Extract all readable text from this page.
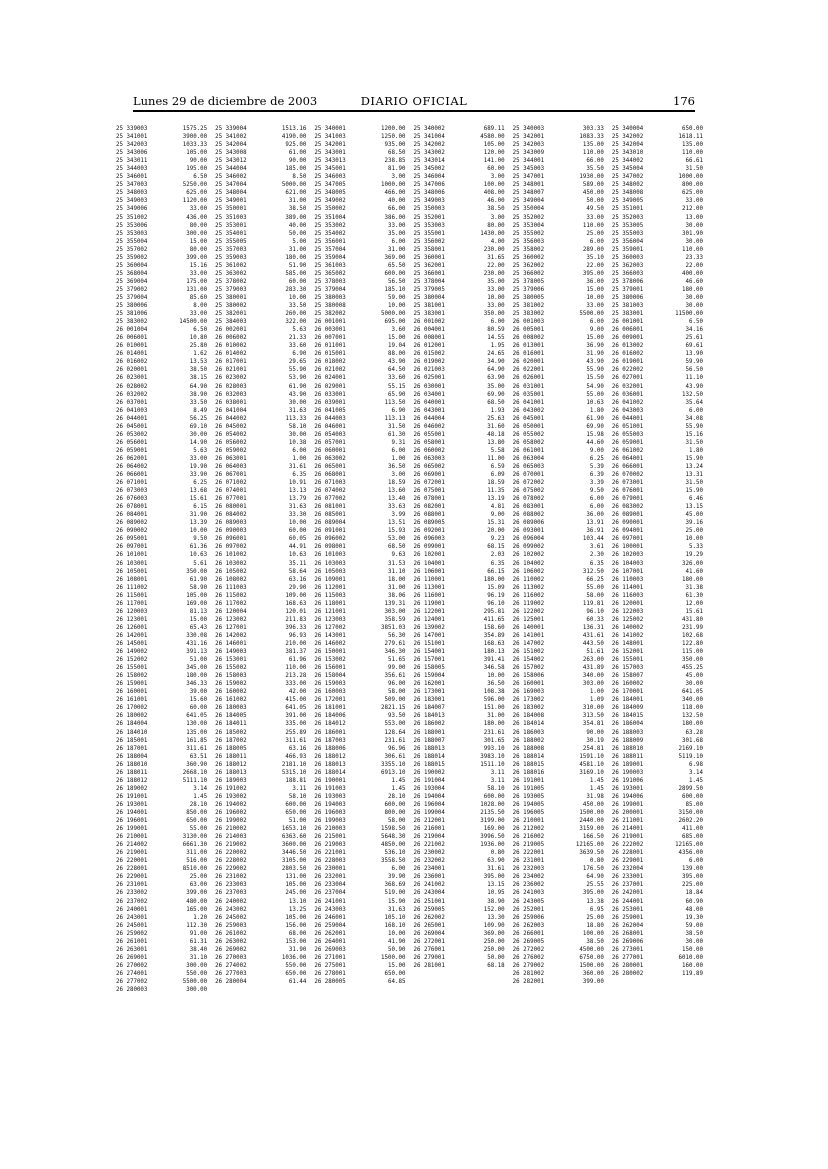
Lunes 29 de diciembre de 2003	DIARIO OFICIAL	176
25 339003	1575.25
25 341001	3900.00
25 342003	1033.33
25 343006	105.00
25 343011	90.00
25 344003	195.00
25 346001	6.50
25 347003	5250.00
25 348003	625.00
25 349003	1120.00
25 349006	33.00
25 351002	436.00
25 353006	80.00
25 353003	300.00
25 355004	15.00
25 357002	80.00
25 359002	399.00
25 360004	15.16
25 368004	33.00
25 369004	175.00
25 379002	131.00
25 379004	85.60
25 380006	8.00
25 381006	33.00
25 383002	14500.00
26 001004	6.50
26 006001	10.80
26 010001	25.80
26 014001	1.62
26 016002	13.53
26 020001	38.50
26 023001	38.15
26 028002	64.90
26 032002	38.90
26 037001	33.50
26 041003	8.49
26 044001	56.25
26 045001	69.10
26 053002	30.00
26 056001	14.90
26 059001	5.63
26 062001	33.00
26 064002	19.90
26 066001	33.90
26 071001	6.25
26 073003	13.68
26 076003	15.61
26 078001	6.15
26 084001	31.90
26 089002	13.39
26 090002	10.00
26 095001	9.50
26 097001	61.36
26 101001	10.63
26 103001	5.61
26 105001	350.00
26 108001	61.90
26 111002	58.90
26 115001	105.00
26 117001	169.00
26 120003	81.13
26 123001	15.00
26 126001	65.43
26 142001	330.08
26 145001	431.16
26 149002	391.13
26 152002	51.00
26 155001	345.00
26 158002	180.00
26 159001	346.33
26 160001	39.00
26 161001	15.60
26 170002	60.00
26 180002	641.05
26 184004	130.00
26 184010	135.00
26 185001	161.85
26 187001	311.61
26 188004	63.51
26 188010	360.90
26 188011	2668.10
26 188012	5111.10
26 189002	3.14
26 191001	1.45
26 193001	28.10
26 194001	850.00
26 196001	650.00
26 199001	55.00
26 210001	3130.00
26 214002	6661.30
26 219001	311.00
26 220001	516.00
26 228001	8510.00
26 229001	25.00
26 231001	63.00
26 233002	399.00
26 237002	480.00
26 240001	165.00
26 243001	1.20
26 245001	112.30
26 259002	91.00
26 261001	61.31
26 263001	38.40
26 269001	31.10
26 270002	300.00
26 274001	550.00
26 277002	5500.00
26 280003	300.00
25 339004	1513.16
25 341002	4190.00
25 342004	925.00
25 343008	61.00
25 343012	90.00
25 344004	185.00
25 346002	8.50
25 347004	5000.00
25 348004	621.00
25 349001	31.00
25 350001	38.50
25 351003	389.00
25 353001	40.00
25 354001	50.00
25 355005	5.00
25 357003	31.00
25 359003	180.00
25 361002	51.90
25 363002	585.00
25 378002	60.00
25 379003	283.30
25 380001	10.00
25 380002	33.50
25 382001	260.00
25 384003	322.00
26 002001	5.63
26 006002	21.33
26 010002	33.60
26 014002	6.90
26 017001	29.65
26 021001	55.90
26 023002	53.90
26 028003	61.90
26 032003	43.90
26 038001	30.00
26 041004	31.63
26 044002	113.33
26 045002	58.10
26 054002	30.00
26 056002	10.38
26 059002	6.00
26 063001	1.00
26 064003	31.61
26 067001	6.35
26 071002	10.91
26 074001	13.13
26 077001	13.79
26 080001	31.63
26 084002	33.30
26 089003	10.00
26 090003	60.00
26 096001	60.05
26 097002	44.91
26 101002	10.63
26 103002	35.11
26 105002	58.64
26 108002	63.16
26 111003	29.90
26 115002	109.00
26 117002	168.63
26 120004	120.01
26 123002	211.83
26 127001	396.33
26 142002	96.93
26 146001	210.00
26 149003	381.37
26 153001	61.96
26 155002	110.00
26 158003	213.28
26 159002	333.00
26 160002	42.00
26 161002	415.00
26 180003	641.05
26 184005	391.00
26 184011	335.00
26 185002	255.89
26 187002	311.61
26 188005	63.16
26 188011	466.93
26 188012	2181.10
26 188013	5315.10
26 189003	188.81
26 191002	3.11
26 193002	58.10
26 194002	600.00
26 196002	650.00
26 199002	51.00
26 210002	1653.10
26 214003	6363.60
26 219002	3600.00
26 220002	3446.50
26 228002	3105.00
26 229002	2803.50
26 231002	131.00
26 233003	105.00
26 237003	245.00
26 240002	13.10
26 243002	13.25
26 245002	105.00
26 259003	156.00
26 261002	68.00
26 263002	153.00
26 269002	31.90
26 270003	1036.00
26 274002	550.00
26 277003	650.00
26 280004	61.44
25 340001	1200.00
25 341003	1250.00
25 342001	935.00
25 343001	68.50
25 343013	238.85
25 345001	81.90
25 346003	3.00
25 347005	1000.00
25 348005	466.00
25 349002	40.00
25 350002	66.00
25 351004	386.00
25 353002	33.00
25 354002	35.00
25 356001	6.00
25 357004	31.00
25 359004	369.00
25 361003	65.50
25 365002	600.00
25 378003	56.50
25 379004	185.10
25 380003	59.00
25 380008	10.00
25 382002	5000.00
26 001001	695.00
26 003001	3.60
26 007001	15.00
26 011001	19.04
26 015001	88.00
26 018002	43.90
26 021002	64.50
26 024001	33.60
26 029001	55.15
26 033001	65.90
26 039001	113.50
26 041005	6.90
26 044003	113.13
26 046001	31.50
26 054003	61.30
26 057001	9.31
26 060001	6.00
26 063002	1.00
26 065001	36.50
26 068001	3.00
26 071003	18.59
26 074002	13.60
26 077002	13.40
26 081001	33.63
26 085001	3.99
26 089004	13.51
26 091001	15.93
26 096002	53.00
26 098001	68.50
26 101003	9.63
26 103003	31.53
26 105003	31.10
26 109001	18.00
26 112001	31.00
26 115003	38.06
26 118001	139.31
26 121001	303.00
26 123003	358.59
26 127002	3851.03
26 143001	56.30
26 146002	279.61
26 150001	346.30
26 153002	51.65
26 156001	99.00
26 158004	356.61
26 159003	96.00
26 160003	58.00
26 172001	509.00
26 181001	2821.15
26 184006	93.50
26 184012	553.00
26 186001	128.64
26 187003	231.61
26 188006	96.96
26 188012	306.61
26 188013	3355.10
26 188014	6913.10
26 190001	1.45
26 191003	1.45
26 193003	28.10
26 194003	600.00
26 196003	800.00
26 199003	58.00
26 210003	1598.50
26 215001	5648.30
26 219003	4850.00
26 221001	536.10
26 228003	3558.50
26 230001	6.00
26 232001	39.90
26 233004	368.69
26 237004	519.00
26 241001	15.90
26 243003	31.63
26 246001	105.10
26 259004	168.10
26 262001	10.00
26 264001	41.90
26 269003	50.90
26 271001	1500.00
26 275001	15.00
26 278001	650.00
26 280005	64.85
25 340002	689.11
25 341004	4580.00
25 342002	105.00
25 343002	120.00
25 343014	141.00
25 345002	60.00
25 346004	3.00
25 347006	100.00
25 348006	408.00
25 349003	46.00
25 350003	38.50
25 352001	3.00
25 353003	80.00
25 355001	1430.00
25 356002	4.00
25 358001	230.00
25 360001	31.65
25 362001	22.00
25 366001	230.00
25 378004	35.00
25 379005	33.00
25 380004	10.00
25 381001	33.00
25 383001	350.00
26 001002	6.00
26 004001	80.59
26 008001	14.55
26 012001	1.95
26 015002	24.65
26 019002	34.90
26 021003	64.90
26 025001	63.90
26 030001	35.00
26 034001	69.90
26 040001	68.50
26 043001	1.93
26 044004	25.63
26 046002	31.60
26 055001	48.18
26 058001	13.80
26 060002	5.58
26 063003	11.00
26 065002	6.59
26 069001	6.09
26 072001	18.59
26 075001	11.35
26 078001	13.19
26 082001	4.81
26 088001	9.00
26 089005	15.31
26 092001	20.00
26 096003	9.23
26 099001	68.15
26 102001	2.03
26 104001	6.35
26 106001	66.15
26 110001	180.00
26 113001	15.09
26 116001	96.19
26 119001	96.10
26 122001	295.81
26 124001	411.65
26 139002	158.60
26 147001	354.89
26 151001	168.63
26 154001	180.13
26 157001	391.41
26 158005	346.58
26 159004	10.00
26 162001	36.50
26 173001	108.38
26 183001	596.00
26 184007	151.00
26 184013	31.00
26 186002	180.00
26 188001	231.61
26 188007	301.65
26 188013	993.10
26 188014	3983.10
26 188015	1511.10
26 190002	3.11
26 191004	3.11
26 193004	58.10
26 194004	600.00
26 196004	1028.00
26 199004	2135.50
26 212001	3199.00
26 216001	169.00
26 219004	3996.50
26 221002	1936.00
26 230002	0.80
26 232002	63.90
26 234001	31.61
26 236001	395.00
26 241002	13.15
26 243004	10.95
26 251001	38.90
26 259005	152.00
26 262002	13.30
26 265001	109.90
26 269004	369.00
26 272001	250.00
26 276001	250.00
26 279001	50.00
26 281001	68.18
25 340003	303.33
25 342001	1083.33
25 342003	135.00
25 343009	110.00
25 344001	66.00
25 345003	35.50
25 347001	1930.00
25 348001	589.00
25 348007	450.00
25 349004	50.00
25 350004	49.50
25 352002	33.00
25 353004	110.00
25 355002	25.00
25 356003	6.00
25 358002	289.00
25 360002	35.10
25 362002	22.00
25 366002	395.00
25 378005	36.00
25 379006	15.00
25 380005	10.00
25 381002	33.00
25 383002	5500.00
26 001003	6.00
26 005001	9.00
26 008002	15.00
26 013001	36.90
26 016001	31.90
26 020001	43.90
26 022001	55.90
26 026001	15.50
26 031001	54.90
26 035001	55.00
26 041001	10.63
26 043002	1.80
26 045001	61.90
26 050001	69.90
26 055002	15.98
26 058002	44.60
26 061001	9.00
26 063004	6.25
26 065003	5.39
26 070001	6.39
26 072002	3.39
26 075002	9.50
26 078002	6.00
26 083001	6.00
26 088002	36.00
26 089006	13.91
26 093001	36.91
26 096004	103.44
26 099002	3.61
26 102002	2.30
26 104002	6.35
26 106002	312.50
26 110002	66.25
26 113002	55.00
26 116002	58.00
26 119002	119.81
26 122002	96.10
26 125001	60.33
26 140001	136.31
26 141001	431.61
26 147002	443.50
26 151002	51.61
26 154002	263.00
26 157002	431.89
26 158006	340.00
26 160001	303.00
26 169003	1.00
26 173002	1.09
26 183002	310.00
26 184008	313.50
26 184014	354.81
26 186003	90.00
26 188002	30.19
26 188008	254.81
26 188014	1591.10
26 188015	4581.10
26 188016	3169.10
26 191001	1.45
26 191005	1.45
26 193005	31.98
26 194005	450.00
26 196005	1500.00
26 210001	2440.00
26 212002	3159.00
26 216002	166.50
26 219005	12165.00
26 222001	3639.50
26 231001	0.80
26 232003	176.50
26 234002	64.90
26 236002	25.55
26 241003	395.00
26 243005	13.38
26 252001	6.95
26 259006	25.00
26 262003	18.80
26 266001	100.00
26 269005	38.50
26 272002	4500.00
26 276002	6750.00
26 279002	1500.00
26 281002	360.00
26 282001	399.00
25 340004	650.00
25 342002	1618.11
25 342004	135.00
25 343010	110.00
25 344002	66.61
25 345004	31.50
25 347002	1000.00
25 348002	800.00
25 348008	625.00
25 349005	33.00
25 351001	212.00
25 352003	13.00
25 353005	30.00
25 355003	301.90
25 356004	30.00
25 359001	110.00
25 360003	23.33
25 362003	22.00
25 366003	400.00
25 378006	46.60
25 379001	180.00
25 380006	30.00
25 381003	30.00
25 383001	11500.00
26 001001	6.50
26 006001	34.16
26 009001	25.61
26 013002	69.61
26 016002	13.90
26 019001	59.90
26 022002	56.50
26 027001	11.10
26 032001	43.90
26 036001	132.50
26 041002	35.64
26 043003	6.00
26 044001	34.08
26 051001	55.90
26 055003	15.16
26 059001	31.50
26 061002	1.80
26 064001	15.90
26 066001	13.24
26 070002	13.31
26 073001	31.50
26 076001	15.90
26 079001	6.46
26 083002	13.15
26 089001	45.00
26 090001	39.16
26 094001	25.00
26 097001	10.00
26 100001	5.33
26 102003	19.29
26 104003	326.00
26 107001	41.60
26 110003	180.00
26 114001	31.38
26 116003	61.30
26 120001	12.00
26 122003	15.61
26 125002	431.80
26 140002	231.99
26 141002	102.68
26 148001	122.80
26 152001	115.00
26 155001	350.00
26 157003	455.25
26 158007	45.00
26 160002	30.00
26 170001	641.05
26 184001	340.00
26 184009	118.00
26 184015	132.50
26 186004	180.00
26 188003	63.28
26 188009	301.68
26 188010	2169.10
26 188011	5119.10
26 189001	6.98
26 190003	3.14
26 191006	1.45
26 193001	2899.50
26 194006	600.00
26 199001	85.00
26 200001	3150.00
26 211001	2602.20
26 214001	411.00
26 219001	685.00
26 222002	12165.00
26 228001	4356.00
26 229001	6.00
26 232004	139.00
26 233001	395.00
26 237001	225.00
26 242001	18.84
26 244001	60.90
26 253001	48.00
26 259001	19.30
26 262004	59.00
26 268001	38.50
26 269006	30.00
26 273001	150.00
26 277001	6010.00
26 280001	160.00
26 280002	119.89
